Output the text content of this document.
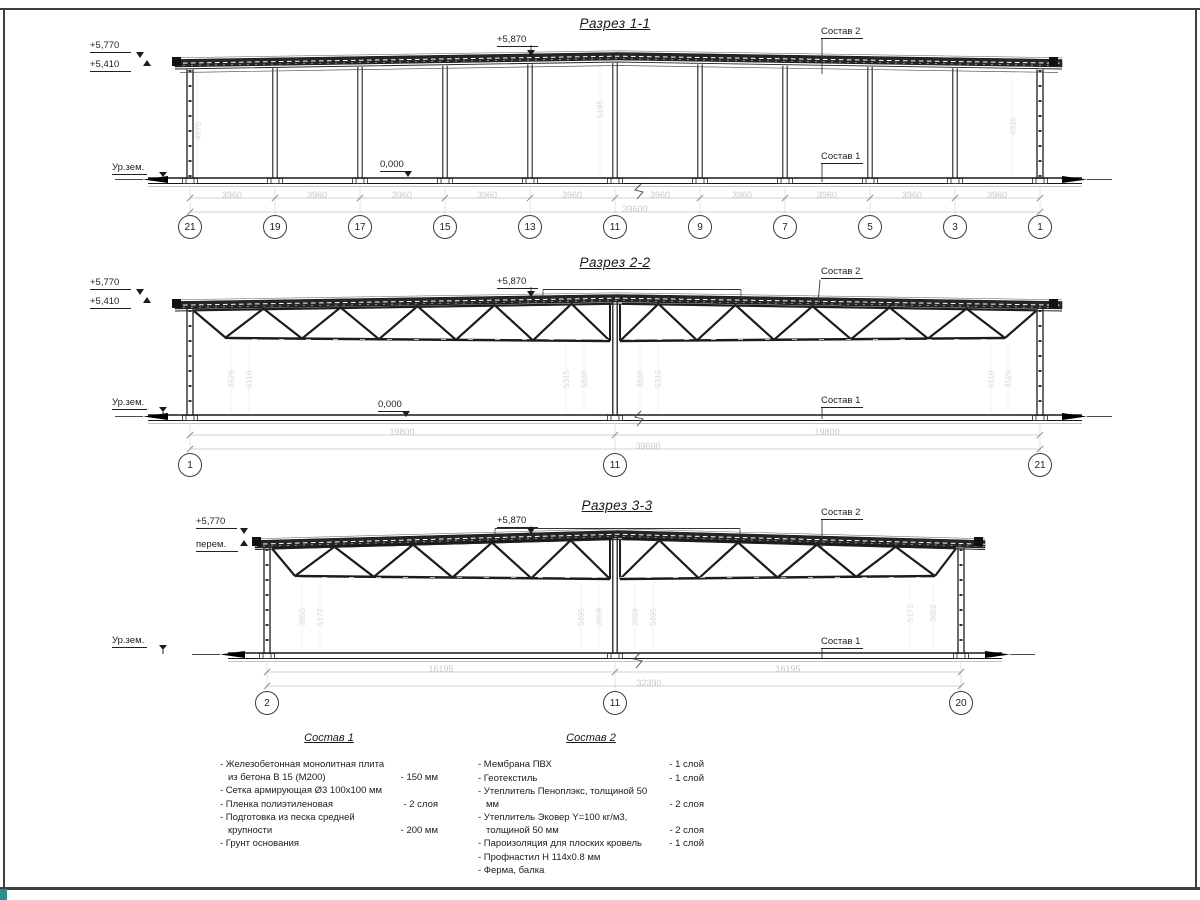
Разрез 1-1
+5,770
+5,410
+5,870
Ур.зем.	0,000
Состав 2
Состав 1
3960	3960	3960	3960	3960	3960	3960	3960	3960	3960
39600
4970
5195
4935
21	19	17	15	13	11	9	7	5	3	1
Разрез 2-2
+5,770
+5,410
+5,870
Ур.зем.	0,000
Состав 2
Состав 1
19800	19800
39600
3529 5110	5315 5838	3838 5315	5110 3529
1	11	21
Разрез 3-3
+5,770
перем.
+5,870
Ур.зем.
Состав 2
Состав 1
16195	16195
32390
3650 5172	5495 3959	3959 5495	5172 3652
2	11	20
Состав 1
- Железобетонная монолитная плита из бетона В 15 (М200)	- 150 мм
- Сетка армирующая Ø3 100х100 мм
- Пленка полиэтиленовая	- 2 слоя
- Подготовка из песка средней крупности	- 200 мм
- Грунт основания
Состав 2
- Мембрана ПВХ	- 1 слой
- Геотекстиль	- 1 слой
- Утеплитель Пеноплэкс, толщиной 50 мм	- 2 слоя
- Утеплитель Эковер Y=100 кг/м3, толщиной 50 мм	- 2 слоя
- Пароизоляция для плоских кровель	- 1 слой
- Профнастил Н 114x0.8 мм
- Ферма, балка
